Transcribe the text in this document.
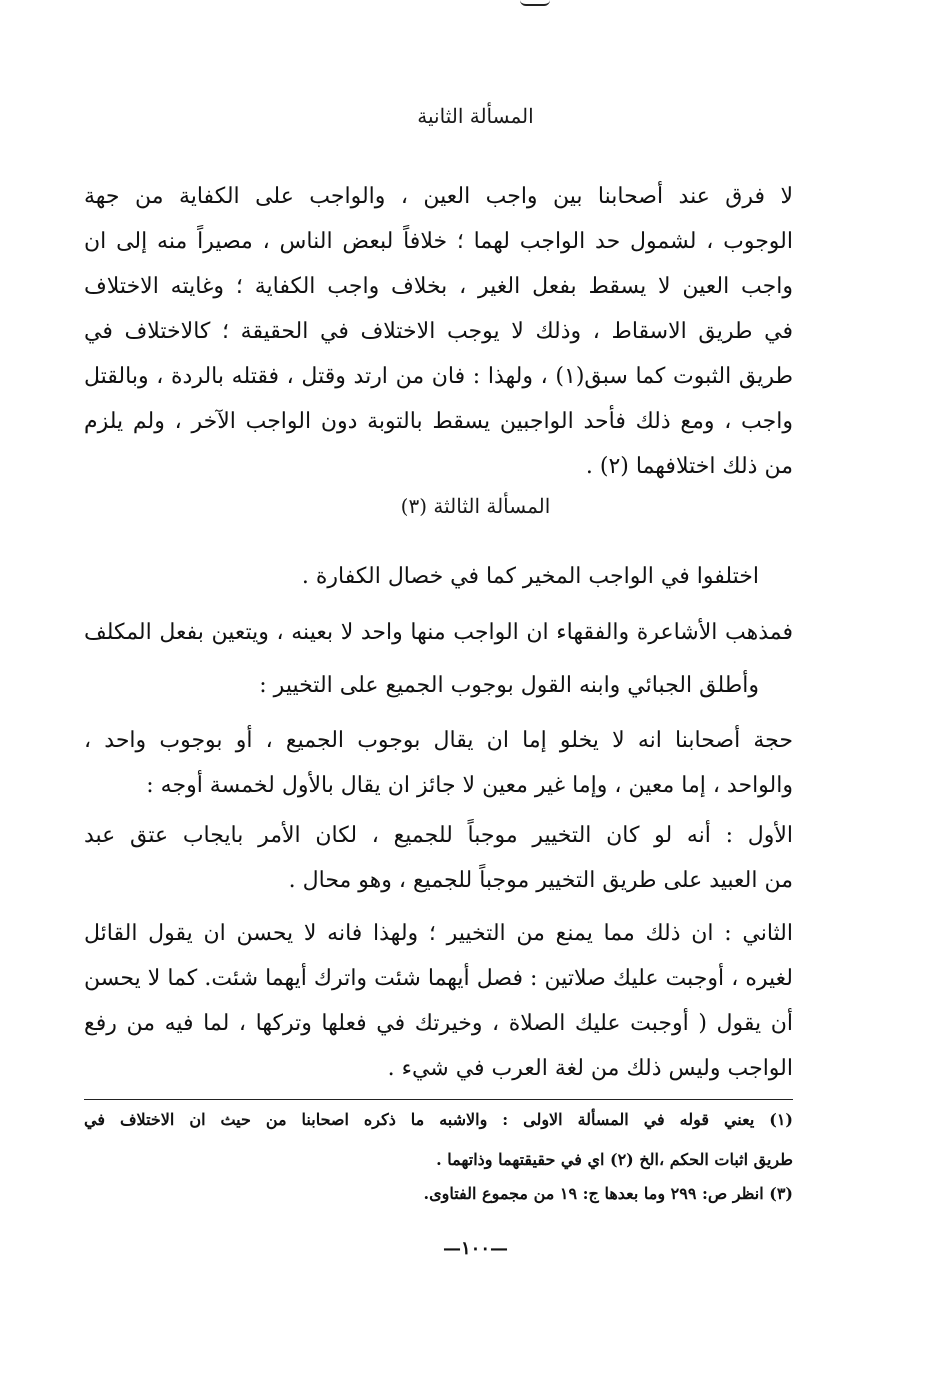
المسألة الثانية
لا فرق عند أصحابنا بين واجب العين ، والواجب على الكفاية من جهة
الوجوب ، لشمول حد الواجب لهما ؛ خلافاً لبعض الناس ، مصيراً منه إلى ان
واجب العين لا يسقط بفعل الغير ، بخلاف واجب الكفاية ؛ وغايته الاختلاف
في طريق الاسقاط ، وذلك لا يوجب الاختلاف في الحقيقة ؛ كالاختلاف في
طريق الثبوت كما سبق(١) ، ولهذا : فان من ارتد وقتل ، فقتله بالردة ، وبالقتل
واجب ، ومع ذلك فأحد الواجبين يسقط بالتوبة دون الواجب الآخر ، ولم يلزم
من ذلك اختلافهما (٢) .
المسألة الثالثة (٣)
اختلفوا في الواجب المخير كما في خصال الكفارة .
فمذهب الأشاعرة والفقهاء ان الواجب منها واحد لا بعينه ، ويتعين بفعل المكلف
وأطلق الجبائي وابنه القول بوجوب الجميع على التخيير :
حجة أصحابنا انه لا يخلو إما ان يقال بوجوب الجميع ، أو بوجوب واحد ،
والواحد ، إما معين ، وإما غير معين لا جائز ان يقال بالأول لخمسة أوجه :
الأول : أنه لو كان التخيير موجباً للجميع ، لكان الأمر بايجاب عتق عبد
من العبيد على طريق التخيير موجباً للجميع ، وهو محال .
الثاني : ان ذلك مما يمنع من التخيير ؛ ولهذا فانه لا يحسن ان يقول القائل
لغيره ، أوجبت عليك صلاتين : فصل أيهما شئت واترك أيهما شئت. كما لا يحسن
أن يقول ( أوجبت عليك الصلاة ، وخيرتك في فعلها وتركها ، لما فيه من رفع
الواجب وليس ذلك من لغة العرب في شيء .
(١) يعني قوله في المسألة الاولى : والاشبه ما ذكره اصحابنا من حيث ان الاختلاف في
طريق اثبات الحكم ،الخ (٢) اي في حقيقتهما وذاتهما .
(٣) انظر ص: ٢٩٩ وما بعدها ج: ١٩ من مجموع الفتاوى.
—١٠٠—
